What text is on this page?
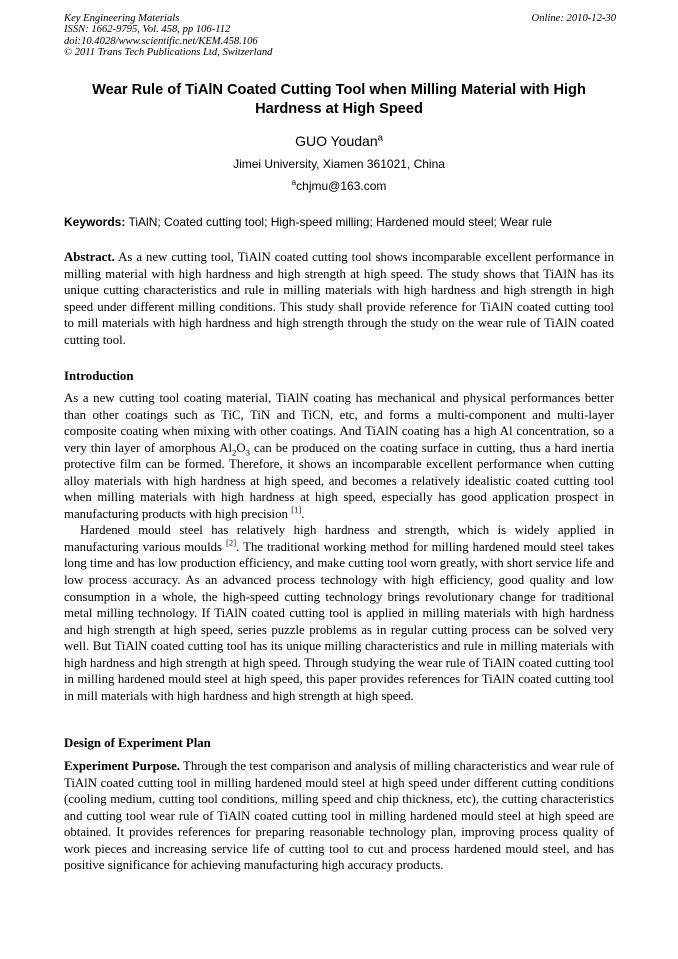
Key Engineering Materials
ISSN: 1662-9795, Vol. 458, pp 106-112
doi:10.4028/www.scientific.net/KEM.458.106
© 2011 Trans Tech Publications Ltd, Switzerland
Online: 2010-12-30
Wear Rule of TiAlN Coated Cutting Tool when Milling Material with High Hardness at High Speed
GUO Youdan$^a$
Jimei University, Xiamen 361021, China
$^a$chjmu@163.com
Keywords: TiAlN; Coated cutting tool; High-speed milling; Hardened mould steel; Wear rule

Abstract. As a new cutting tool, TiAlN coated cutting tool shows incomparable excellent performance in milling material with high hardness and high strength at high speed. The study shows that TiAlN has its unique cutting characteristics and rule in milling materials with high hardness and high strength in high speed under different milling conditions. This study shall provide reference for TiAlN coated cutting tool to mill materials with high hardness and high strength through the study on the wear rule of TiAlN coated cutting tool.

Introduction

As a new cutting tool coating material, TiAlN coating has mechanical and physical performances better than other coatings such as TiC, TiN and TiCN, etc, and forms a multi-component and multi-layer composite coating when mixing with other coatings. And TiAlN coating has a high Al concentration, so a very thin layer of amorphous $Al_2O_3$ can be produced on the coating surface in cutting, thus a hard inertia protective film can be formed. Therefore, it shows an incomparable excellent performance when cutting alloy materials with high hardness at high speed, and becomes a relatively idealistic coated cutting tool when milling materials with high hardness at high speed, especially has good application prospect in manufacturing products with high precision [1].

Hardened mould steel has relatively high hardness and strength, which is widely applied in manufacturing various moulds [2]. The traditional working method for milling hardened mould steel takes long time and has low production efficiency, and make cutting tool worn greatly, with short service life and low process accuracy. As an advanced process technology with high efficiency, good quality and low consumption in a whole, the high-speed cutting technology brings revolutionary change for traditional metal milling technology. If TiAlN coated cutting tool is applied in milling materials with high hardness and high strength at high speed, series puzzle problems as in regular cutting process can be solved very well. But TiAlN coated cutting tool has its unique milling characteristics and rule in milling materials with high hardness and high strength at high speed. Through studying the wear rule of TiAlN coated cutting tool in milling hardened mould steel at high speed, this paper provides references for TiAlN coated cutting tool in mill materials with high hardness and high strength at high speed.

Design of Experiment Plan

Experiment Purpose. Through the test comparison and analysis of milling characteristics and wear rule of TiAlN coated cutting tool in milling hardened mould steel at high speed under different cutting conditions (cooling medium, cutting tool conditions, milling speed and chip thickness, etc), the cutting characteristics and cutting tool wear rule of TiAlN coated cutting tool in milling hardened mould steel at high speed are obtained. It provides references for preparing reasonable technology plan, improving process quality of work pieces and increasing service life of cutting tool to cut and process hardened mould steel, and has positive significance for achieving manufacturing high accuracy products.
